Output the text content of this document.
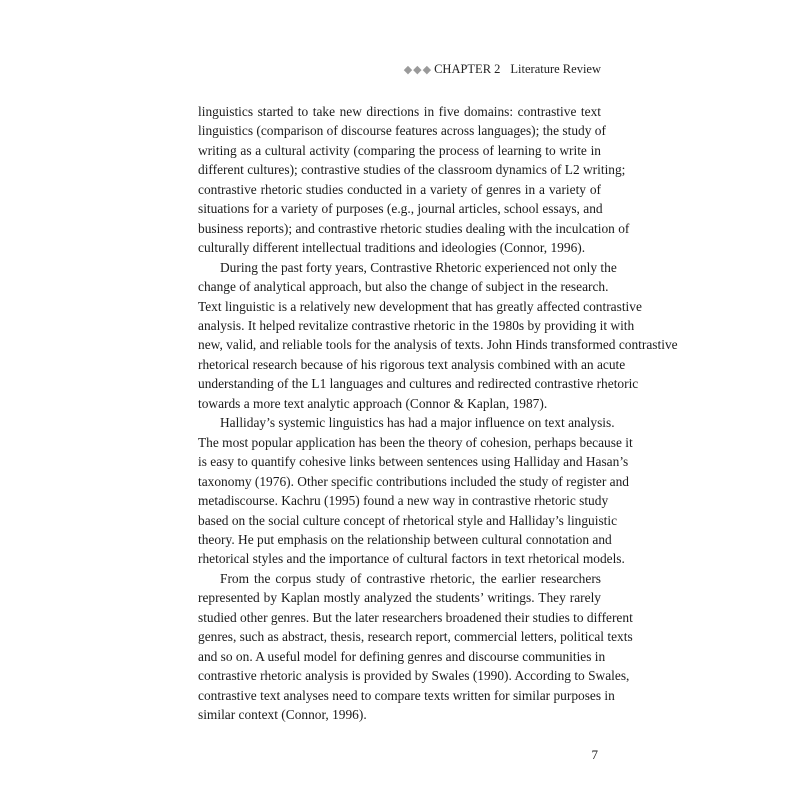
◆◆◆ CHAPTER 2 Literature Review
linguistics started to take new directions in five domains: contrastive text
linguistics (comparison of discourse features across languages); the study of
writing as a cultural activity (comparing the process of learning to write in
different cultures); contrastive studies of the classroom dynamics of L2 writing;
contrastive rhetoric studies conducted in a variety of genres in a variety of
situations for a variety of purposes (e.g., journal articles, school essays, and
business reports); and contrastive rhetoric studies dealing with the inculcation of
culturally different intellectual traditions and ideologies (Connor, 1996).
During the past forty years, Contrastive Rhetoric experienced not only the
change of analytical approach, but also the change of subject in the research.
Text linguistic is a relatively new development that has greatly affected contrastive
analysis. It helped revitalize contrastive rhetoric in the 1980s by providing it with
new, valid, and reliable tools for the analysis of texts. John Hinds transformed contrastive
rhetorical research because of his rigorous text analysis combined with an acute
understanding of the L1 languages and cultures and redirected contrastive rhetoric
towards a more text analytic approach (Connor & Kaplan, 1987).
Halliday’s systemic linguistics has had a major influence on text analysis.
The most popular application has been the theory of cohesion, perhaps because it
is easy to quantify cohesive links between sentences using Halliday and Hasan’s
taxonomy (1976). Other specific contributions included the study of register and
metadiscourse. Kachru (1995) found a new way in contrastive rhetoric study
based on the social culture concept of rhetorical style and Halliday’s linguistic
theory. He put emphasis on the relationship between cultural connotation and
rhetorical styles and the importance of cultural factors in text rhetorical models.
From the corpus study of contrastive rhetoric, the earlier researchers
represented by Kaplan mostly analyzed the students’ writings. They rarely
studied other genres. But the later researchers broadened their studies to different
genres, such as abstract, thesis, research report, commercial letters, political texts
and so on. A useful model for defining genres and discourse communities in
contrastive rhetoric analysis is provided by Swales (1990). According to Swales,
contrastive text analyses need to compare texts written for similar purposes in
similar context (Connor, 1996).
7
